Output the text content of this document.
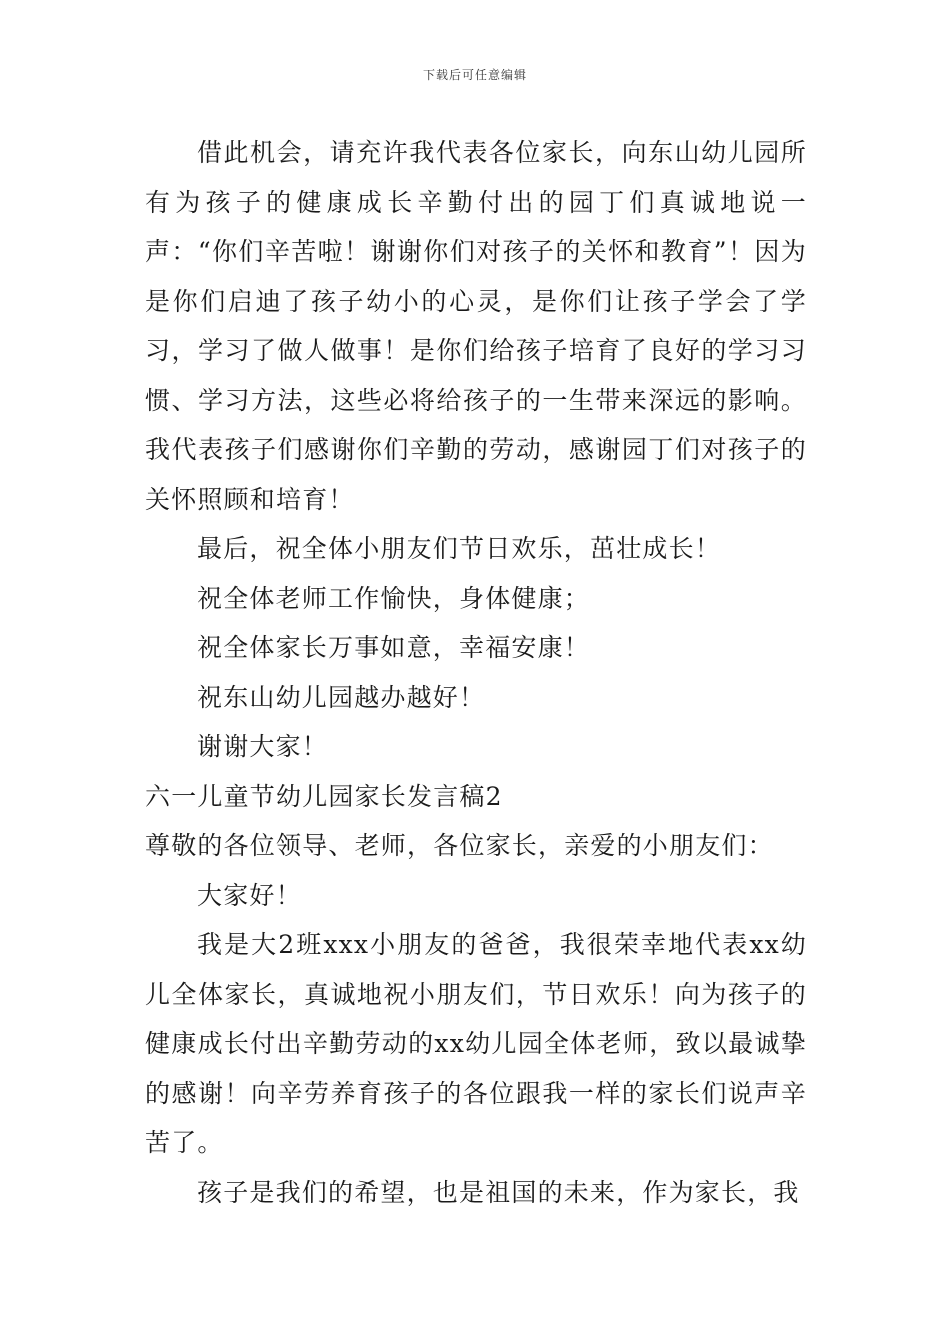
下载后可任意编辑

借此机会，请充许我代表各位家长，向东山幼儿园所有为孩子的健康成长辛勤付出的园丁们真诚地说一声：“你们辛苦啦！谢谢你们对孩子的关怀和教育”！因为是你们启迪了孩子幼小的心灵，是你们让孩子学会了学习，学习了做人做事！是你们给孩子培育了良好的学习习惯、学习方法，这些必将给孩子的一生带来深远的影响。我代表孩子们感谢你们辛勤的劳动，感谢园丁们对孩子的关怀照顾和培育！

最后，祝全体小朋友们节日欢乐，茁壮成长！

祝全体老师工作愉快，身体健康；

祝全体家长万事如意，幸福安康！

祝东山幼儿园越办越好！

谢谢大家！

六一儿童节幼儿园家长发言稿2

尊敬的各位领导、老师，各位家长，亲爱的小朋友们：

大家好！

我是大2班xxx小朋友的爸爸，我很荣幸地代表xx幼儿全体家长，真诚地祝小朋友们，节日欢乐！向为孩子的健康成长付出辛勤劳动的xx幼儿园全体老师，致以最诚挚的感谢！向辛劳养育孩子的各位跟我一样的家长们说声辛苦了。

孩子是我们的希望，也是祖国的未来，作为家长，我
